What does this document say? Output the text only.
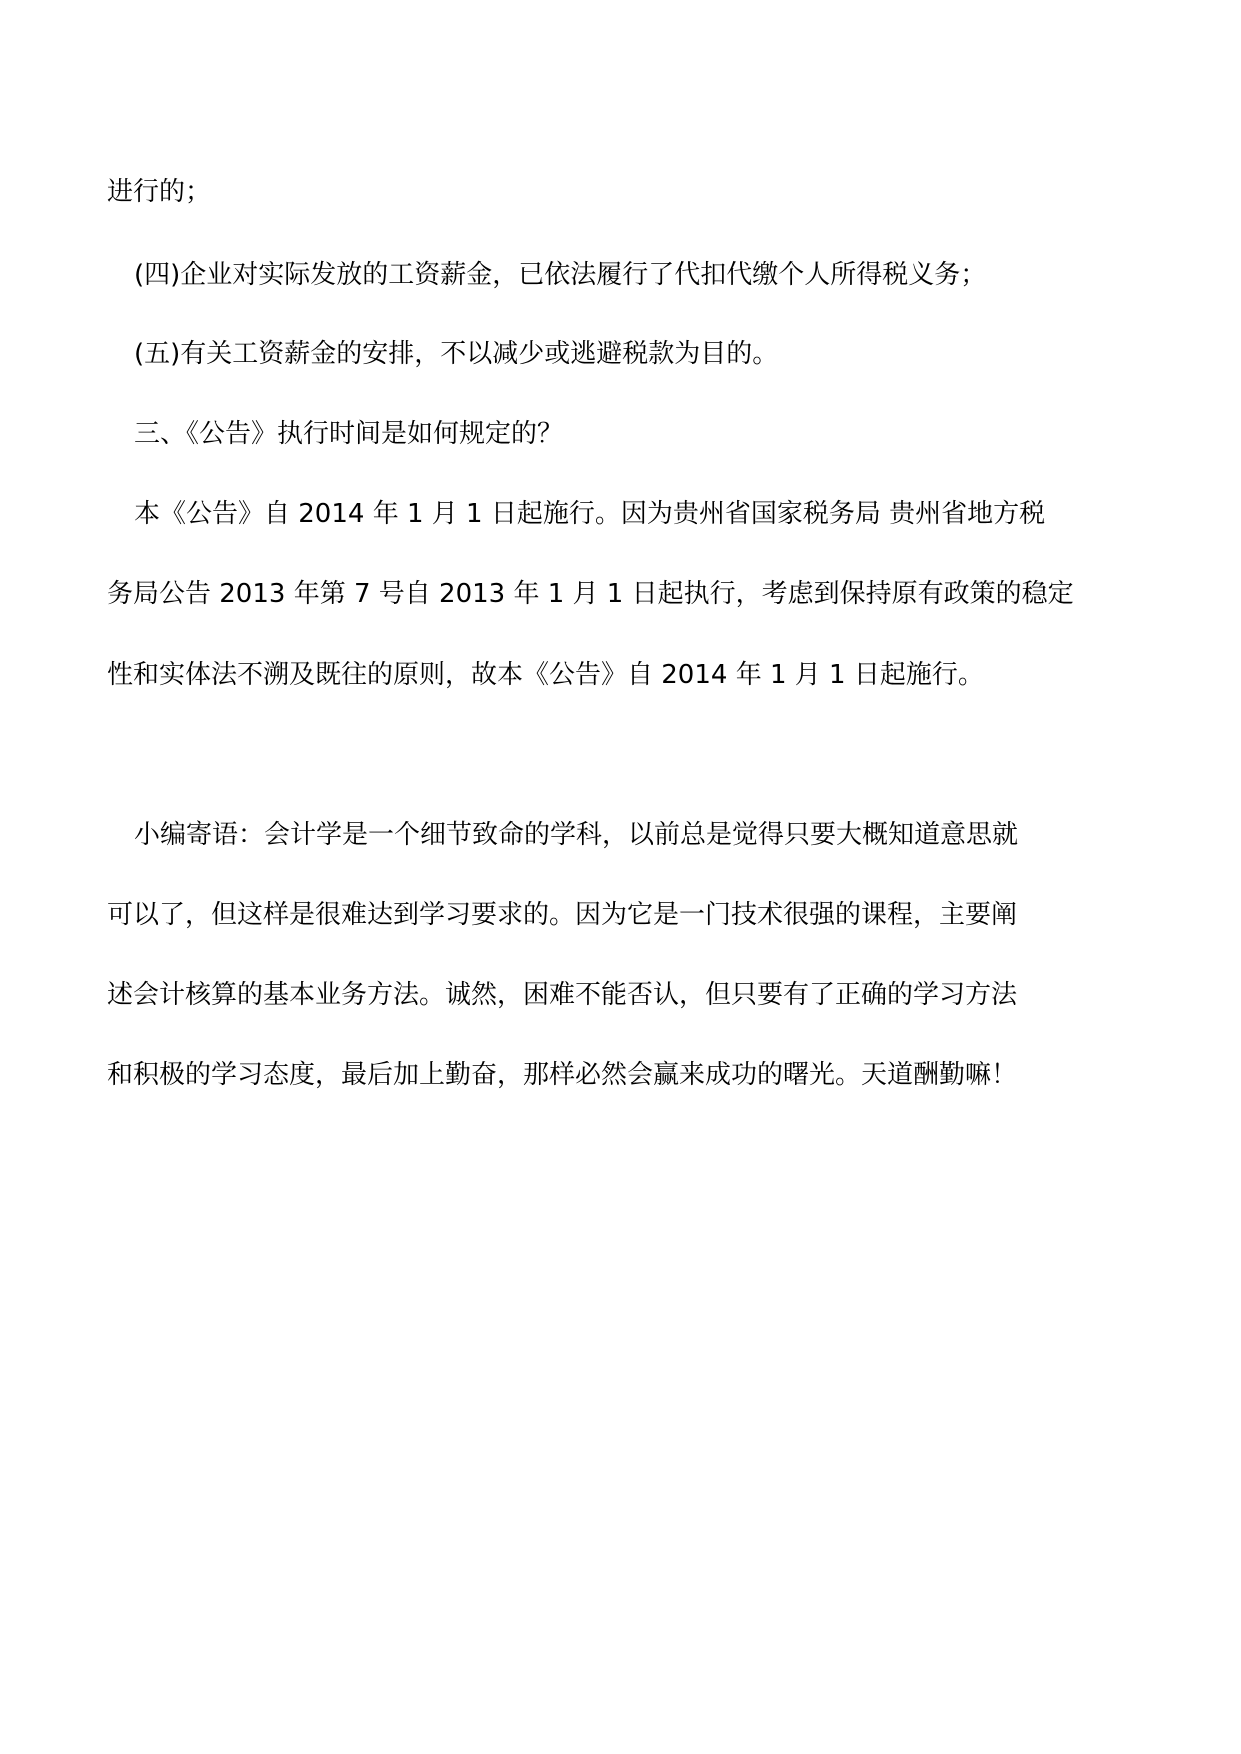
进行的；
(四)企业对实际发放的工资薪金，已依法履行了代扣代缴个人所得税义务；
(五)有关工资薪金的安排，不以减少或逃避税款为目的。
三、《公告》执行时间是如何规定的？
本《公告》自 2014 年 1 月 1 日起施行。因为贵州省国家税务局 贵州省地方税
务局公告 2013 年第 7 号自 2013 年 1 月 1 日起执行，考虑到保持原有政策的稳定
性和实体法不溯及既往的原则，故本《公告》自 2014 年 1 月 1 日起施行。
小编寄语：会计学是一个细节致命的学科，以前总是觉得只要大概知道意思就
可以了，但这样是很难达到学习要求的。因为它是一门技术很强的课程，主要阐
述会计核算的基本业务方法。诚然，困难不能否认，但只要有了正确的学习方法
和积极的学习态度，最后加上勤奋，那样必然会赢来成功的曙光。天道酬勤嘛！
